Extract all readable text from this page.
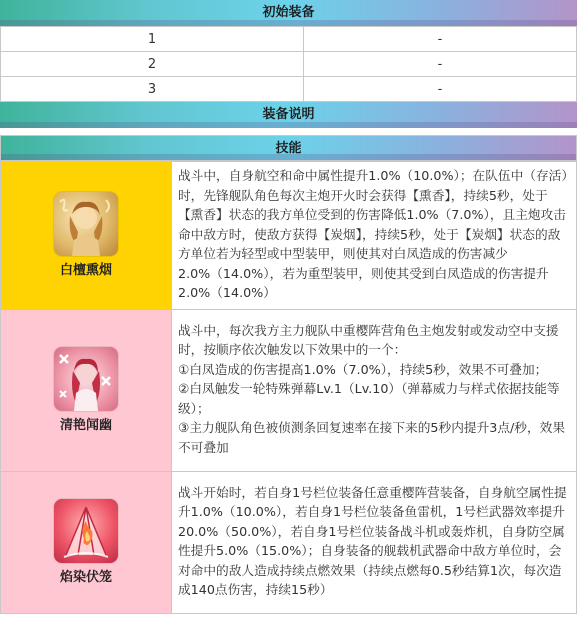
初始装备
1	-
2	-
3	-
装备说明
技能
白檀熏烟	战斗中，自身航空和命中属性提升1.0%（10.0%）；在队伍中（存活）时，先锋舰队角色每次主炮开火时会获得【熏香】，持续5秒，处于【熏香】状态的我方单位受到的伤害降低1.0%（7.0%），且主炮攻击命中敌方时，使敌方获得【炭烟】，持续5秒，处于【炭烟】状态的敌方单位若为轻型或中型装甲，则使其对白凤造成的伤害减少2.0%（14.0%），若为重型装甲，则使其受到白凤造成的伤害提升2.0%（14.0%）

清艳闻幽	战斗中，每次我方主力舰队中重樱阵营角色主炮发射或发动空中支援时，按顺序依次触发以下效果中的一个：
①白凤造成的伤害提高1.0%（7.0%），持续5秒，效果不可叠加；
②白凤触发一轮特殊弹幕Lv.1（Lv.10）（弹幕威力与样式依据技能等级）；
③主力舰队角色被侦测条回复速率在接下来的5秒内提升3点/秒，效果不可叠加

焰染伏笼	战斗开始时，若自身1号栏位装备任意重樱阵营装备，自身航空属性提升1.0%（10.0%），若自身1号栏位装备鱼雷机，1号栏武器效率提升20.0%（50.0%），若自身1号栏位装备战斗机或轰炸机，自身防空属性提升5.0%（15.0%）；自身装备的舰载机武器命中敌方单位时，会对命中的敌人造成持续点燃效果（持续点燃每0.5秒结算1次，每次造成140点伤害，持续15秒）
